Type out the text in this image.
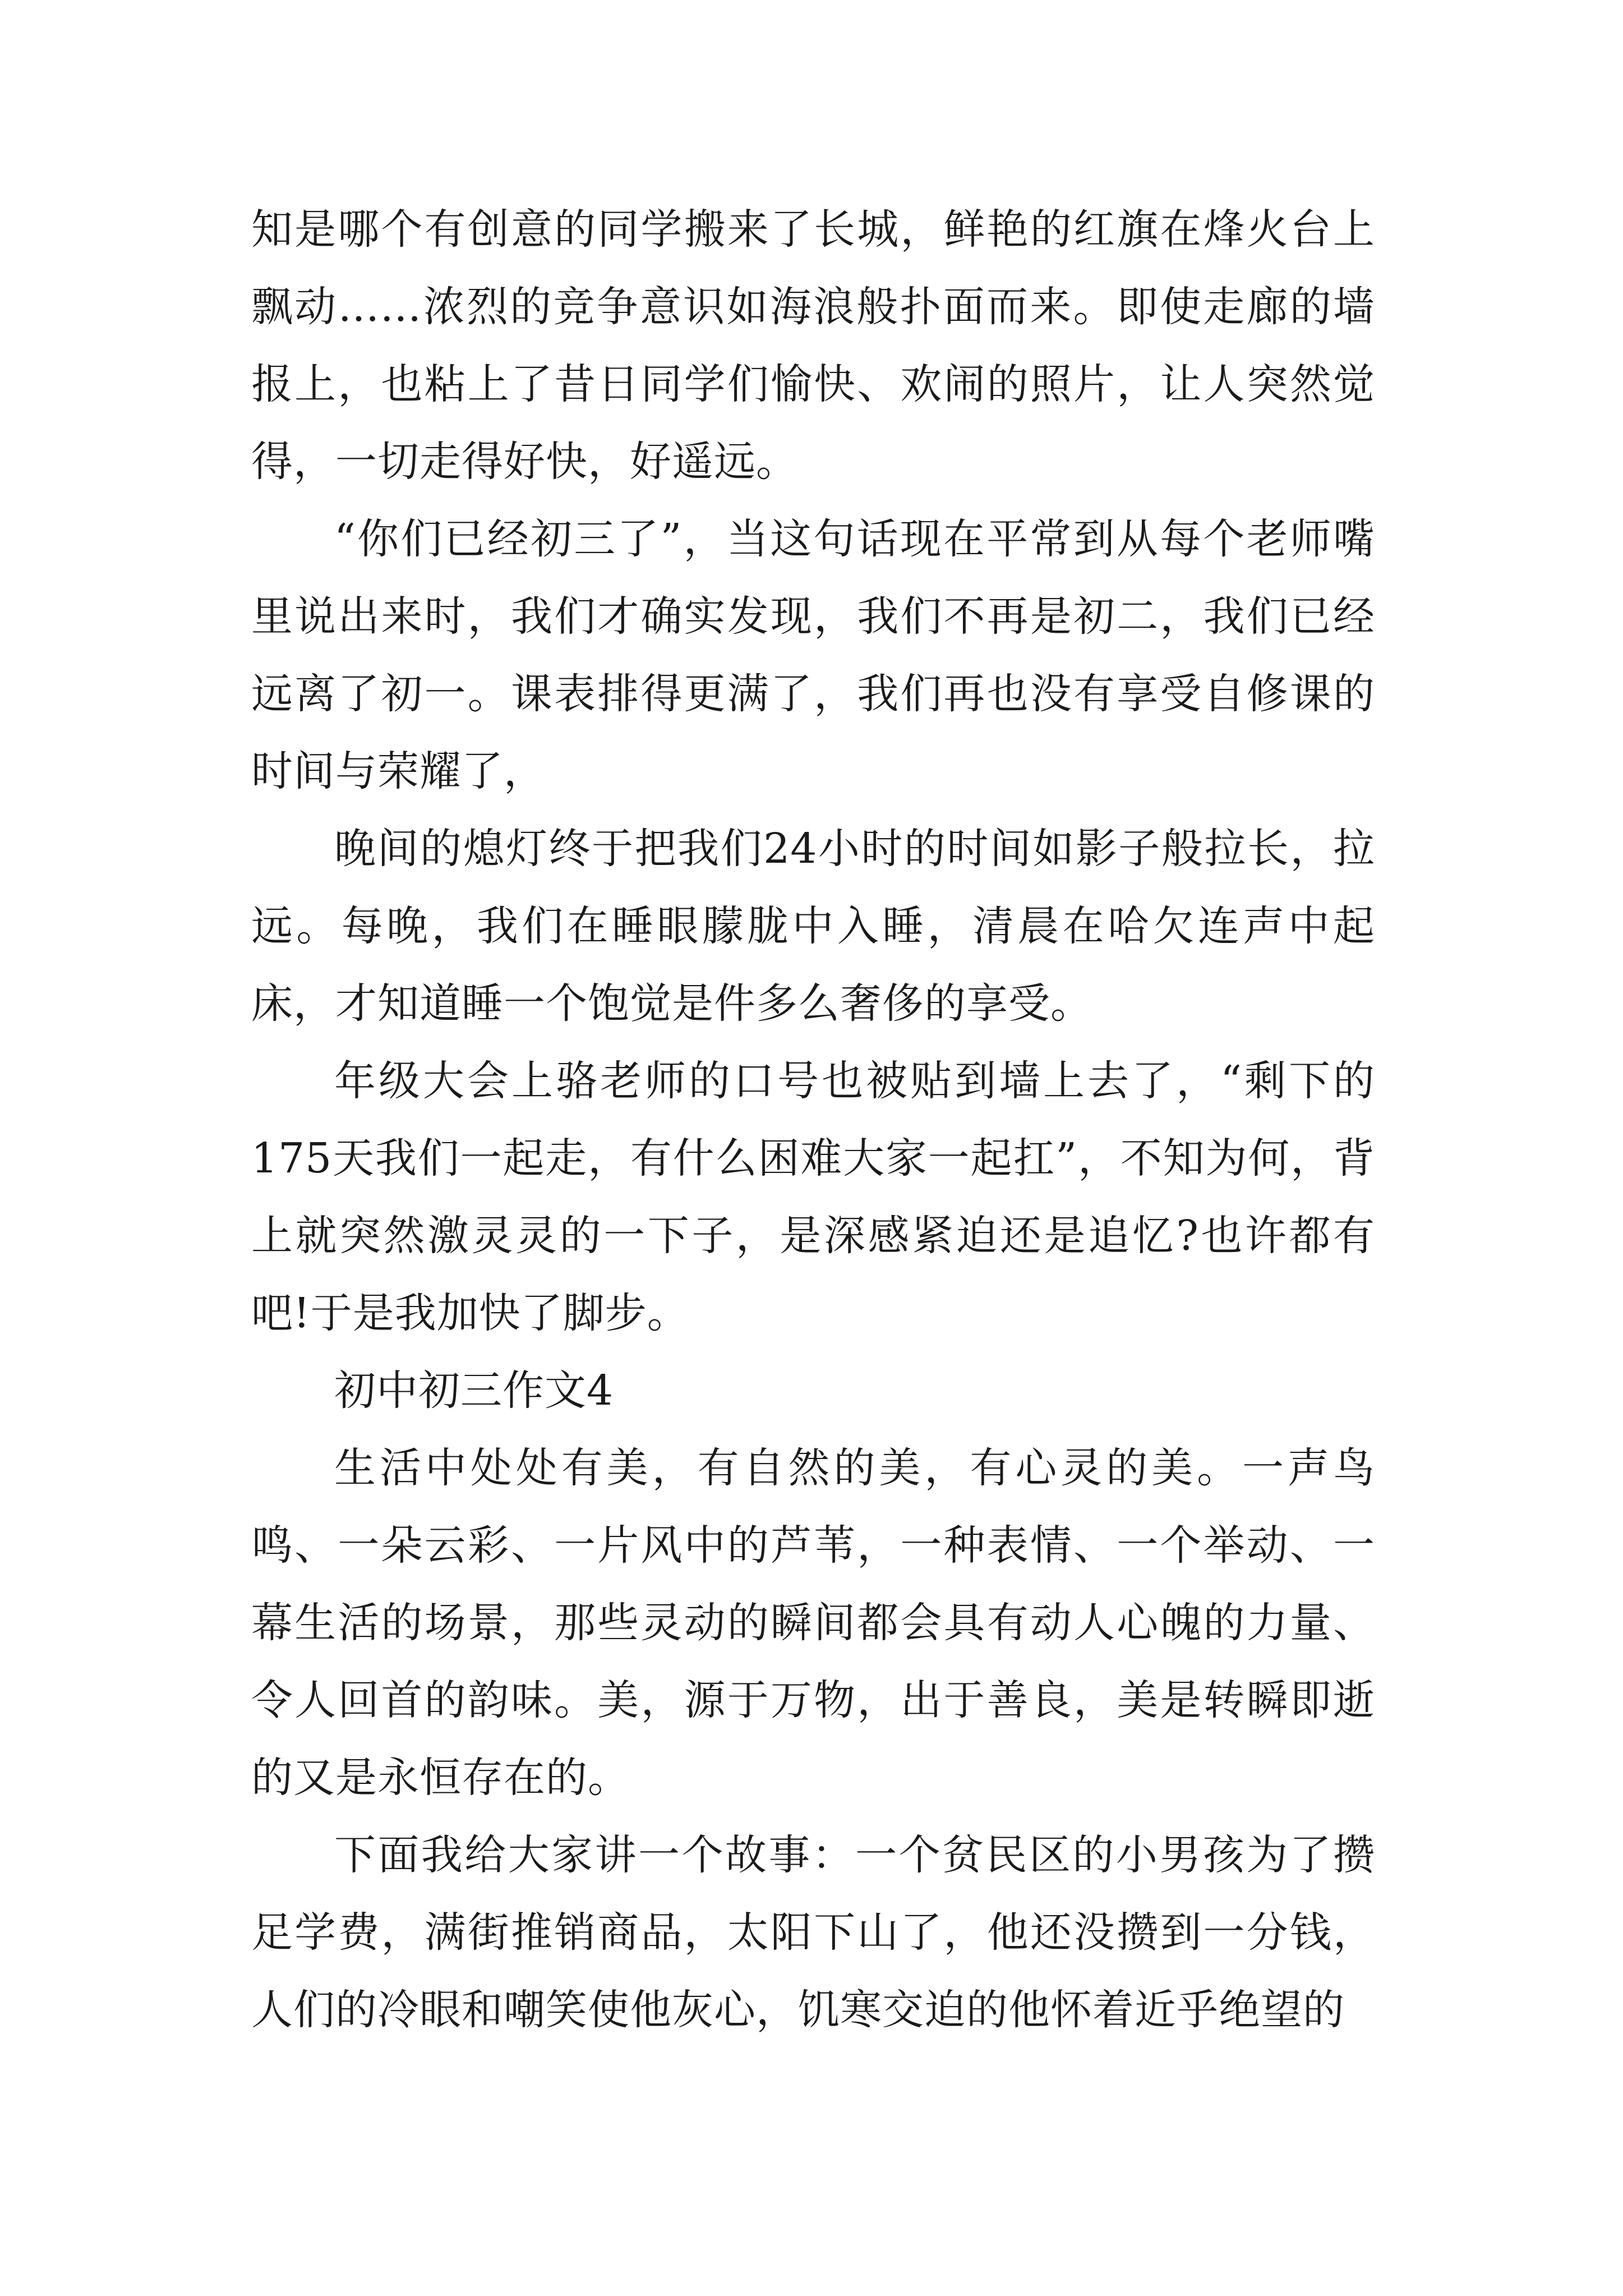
知是哪个有创意的同学搬来了长城，鲜艳的红旗在烽火台上飘动……浓烈的竞争意识如海浪般扑面而来。即使走廊的墙报上，也粘上了昔日同学们愉快、欢闹的照片，让人突然觉得，一切走得好快，好遥远。

“你们已经初三了”，当这句话现在平常到从每个老师嘴里说出来时，我们才确实发现，我们不再是初二，我们已经远离了初一。课表排得更满了，我们再也没有享受自修课的时间与荣耀了，

晚间的熄灯终于把我们24小时的时间如影子般拉长，拉远。每晚，我们在睡眼朦胧中入睡，清晨在哈欠连声中起床，才知道睡一个饱觉是件多么奢侈的享受。

年级大会上骆老师的口号也被贴到墙上去了，“剩下的175天我们一起走，有什么困难大家一起扛”，不知为何，背上就突然激灵灵的一下子，是深感紧迫还是追忆?也许都有吧!于是我加快了脚步。

初中初三作文4

生活中处处有美，有自然的美，有心灵的美。一声鸟鸣、一朵云彩、一片风中的芦苇，一种表情、一个举动、一幕生活的场景，那些灵动的瞬间都会具有动人心魄的力量、令人回首的韵味。美，源于万物，出于善良，美是转瞬即逝的又是永恒存在的。

下面我给大家讲一个故事：一个贫民区的小男孩为了攒足学费，满街推销商品，太阳下山了，他还没攒到一分钱，人们的冷眼和嘲笑使他灰心，饥寒交迫的他怀着近乎绝望的
